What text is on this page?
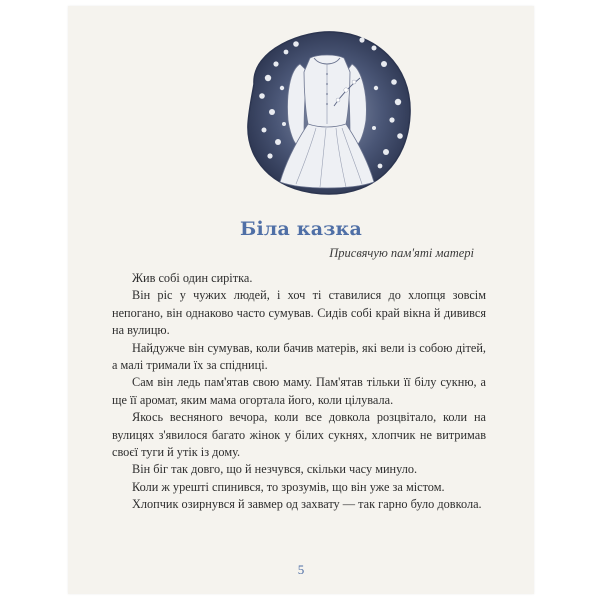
Біла казка
Присвячую пам'яті матері

Жив собі один сирітка.

Він ріс у чужих людей, і хоч ті ставилися до хлопця зовсім непогано, він однаково часто сумував. Сидів собі край вікна й дивився на вулицю.

Найдужче він сумував, коли бачив матерів, які вели із собою дітей, а малі тримали їх за спідниці.

Сам він ледь пам'ятав свою маму. Пам'ятав тільки її білу сукню, а ще її аромат, яким мама огортала його, коли цілувала.

Якось весняного вечора, коли все довкола розцвітало, коли на вулицях з'явилося багато жінок у білих сукнях, хлопчик не витримав своєї туги й утік із дому.

Він біг так довго, що й незчувся, скільки часу минуло.

Коли ж урешті спинився, то зрозумів, що він уже за містом.

Хлопчик озирнувся й завмер од захвату — так гарно було довкола.

5
